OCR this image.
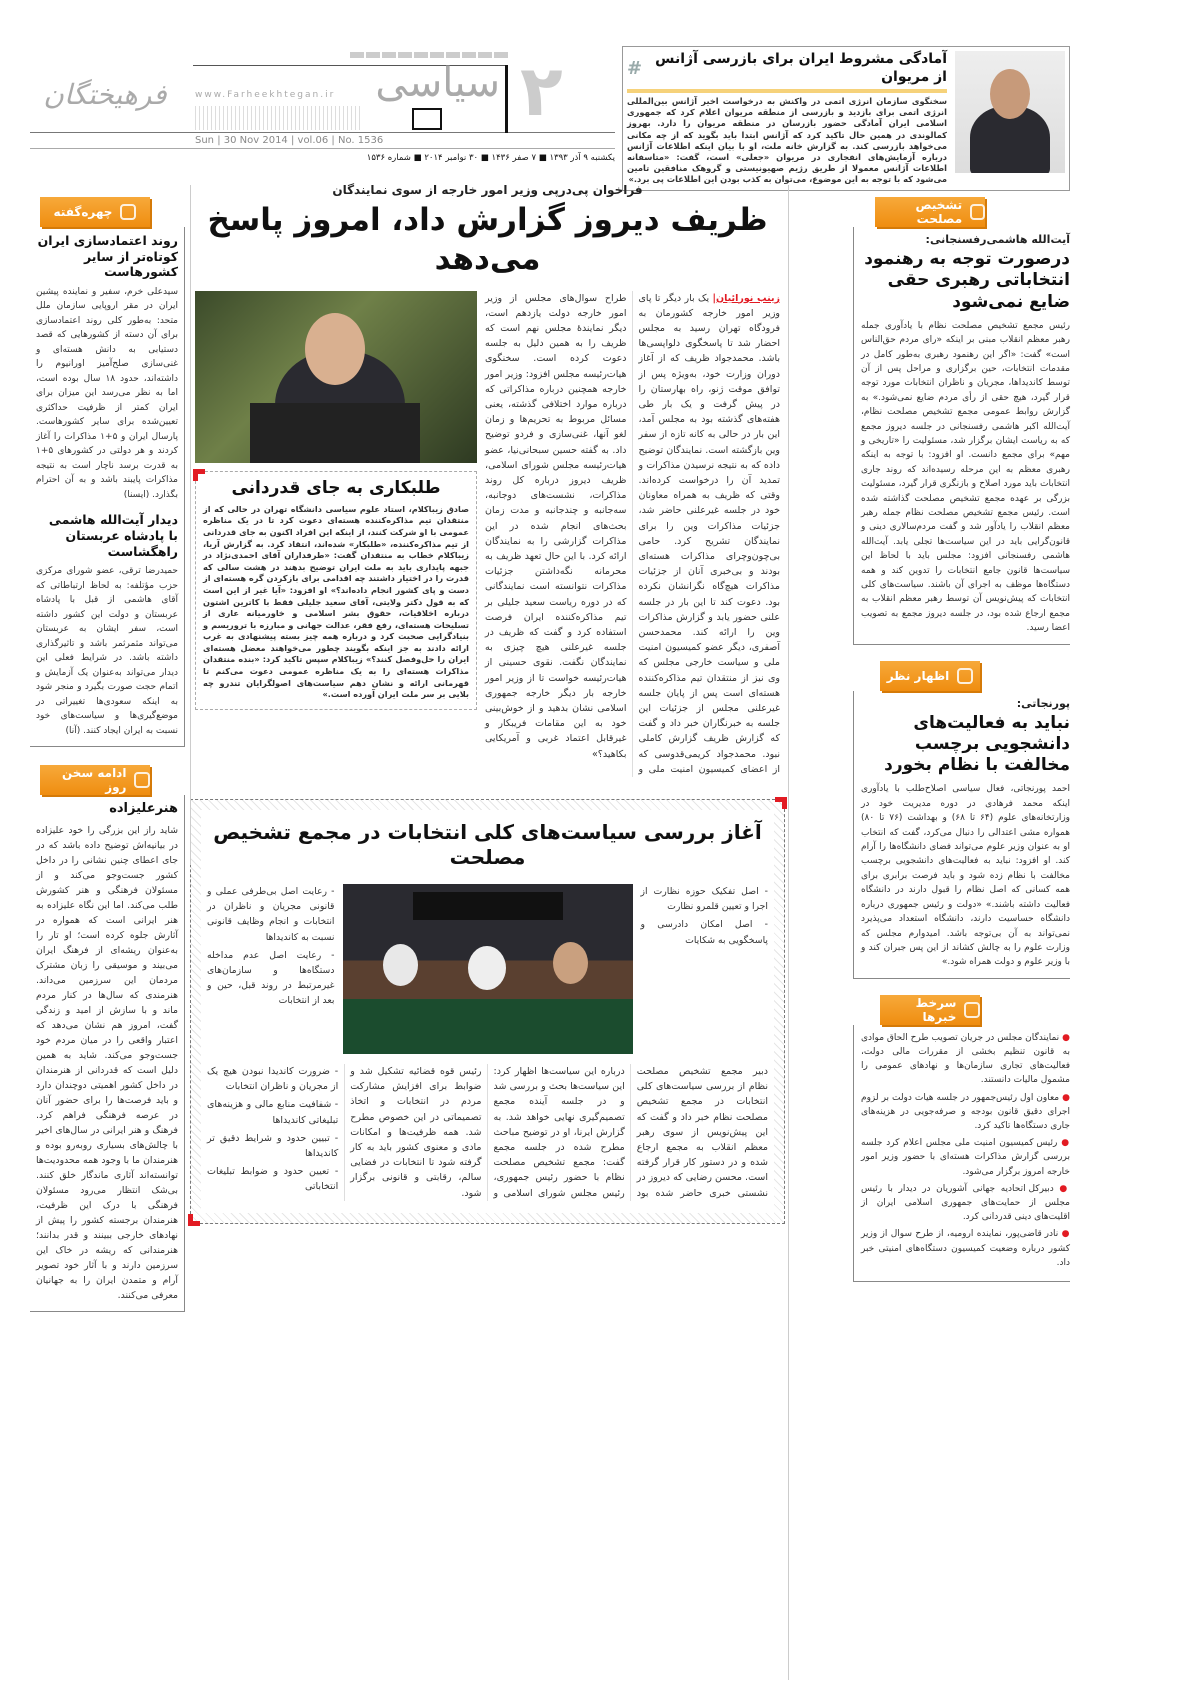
فرهیختگان	www.Farheekhtegan.ir
Sun | 30 Nov 2014 | vol.06 | No. 1536
سیاسی ۲
یکشنبه ۹ آذر ۱۳۹۳ ■ ۷ صفر ۱۴۳۶ ■ ۳۰ نوامبر ۲۰۱۴ ■ شماره ۱۵۳۶
آمادگی مشروط ایران برای بازرسی آژانس از مریوان
#
سخنگوی سازمان انرژی اتمی در واکنش به درخواست اخیر آژانس بین‌المللی انرژی اتمی برای بازدید و بازرسی از منطقه مریوان اعلام کرد که جمهوری اسلامی ایران آمادگی حضور بازرسان در منطقه مریوان را دارد. بهروز کمالوندی در همین حال تاکید کرد که آژانس ابتدا باید بگوید که از چه مکانی می‌خواهد بازرسی کند. به گزارش خانه ملت، او با بیان اینکه اطلاعات آژانس درباره آزمایش‌های انفجاری در مریوان «جعلی» است، گفت: «متاسفانه اطلاعات آژانس معمولا از طریق رژیم صهیونیستی و گروهک منافقین تامین می‌شود که با توجه به این موضوع، می‌توان به کذب بودن این اطلاعات پی برد.»
چهره‌گفته
روند اعتمادسازی ایران کوتاه‌تر از سایر کشورهاست
سیدعلی خرم، سفیر و نماینده پیشین ایران در مقر اروپایی سازمان ملل متحد: به‌طور کلی روند اعتمادسازی برای آن دسته از کشورهایی که قصد دستیابی به دانش هسته‌ای و غنی‌سازی صلح‌آمیز اورانیوم را داشته‌اند، حدود ۱۸ سال بوده است، اما به نظر می‌رسد این میزان برای ایران کمتر از ظرفیت حداکثری تعیین‌شده برای سایر کشورهاست. پارسال ایران و ۵+۱ مذاکرات را آغاز کردند و هر دولتی در کشورهای ۵+۱ به قدرت برسد ناچار است به نتیجه مذاکرات پایبند باشد و به آن احترام بگذارد. (ایسنا)
دیدار آیت‌الله هاشمی با پادشاه عربستان راهگشاست
حمیدرضا ترقی، عضو شورای مرکزی حزب مؤتلفه: به لحاظ ارتباطاتی که آقای هاشمی از قبل با پادشاه عربستان و دولت این کشور داشته است، سفر ایشان به عربستان می‌تواند مثمرثمر باشد و تاثیرگذاری داشته باشد. در شرایط فعلی این دیدار می‌تواند به‌عنوان یک آزمایش و اتمام حجت صورت بگیرد و منجر شود به اینکه سعودی‌ها تغییراتی در موضع‌گیری‌ها و سیاست‌های خود نسبت به ایران ایجاد کنند. (آنا)
ادامه سخن روز
هنرعلیزاده
شاید راز این بزرگی را خود علیزاده در بیانیه‌اش توضیح داده باشد که در جای اعطای چنین نشانی را در داخل کشور جست‌وجو می‌کند و از مسئولان فرهنگی و هنر کشورش طلب می‌کند. اما این نگاه علیزاده به هنر ایرانی است که همواره در آثارش جلوه کرده است؛ او تار را به‌عنوان ریشه‌ای از فرهنگ ایران می‌بیند و موسیقی را زبان مشترک مردمان این سرزمین می‌داند. هنرمندی که سال‌ها در کنار مردم ماند و با سازش از امید و زندگی گفت، امروز هم نشان می‌دهد که اعتبار واقعی را در میان مردم خود جست‌وجو می‌کند. شاید به همین دلیل است که قدردانی از هنرمندان در داخل کشور اهمیتی دوچندان دارد و باید فرصت‌ها را برای حضور آنان در عرصه فرهنگی فراهم کرد. فرهنگ و هنر ایرانی در سال‌های اخیر با چالش‌های بسیاری روبه‌رو بوده و هنرمندان ما با وجود همه محدودیت‌ها توانسته‌اند آثاری ماندگار خلق کنند. بی‌شک انتظار می‌رود مسئولان فرهنگی با درک این ظرفیت، هنرمندان برجسته کشور را پیش از نهادهای خارجی ببینند و قدر بدانند؛ هنرمندانی که ریشه در خاک این سرزمین دارند و با آثار خود تصویر آرام و متمدن ایران را به جهانیان معرفی می‌کنند.
فراخوان پی‌درپی وزیر امور خارجه از سوی نمایندگان
ظریف دیروز گزارش داد، امروز پاسخ می‌دهد
زینب نورائیان| یک بار دیگر تا پای وزیر امور خارجه کشورمان به فرودگاه تهران رسید به مجلس احضار شد تا پاسخگوی دلواپسی‌ها باشد. محمدجواد ظریف که از آغاز دوران وزارت خود، به‌ویژه پس از توافق موقت ژنو، راه بهارستان را در پیش گرفت و یک بار طی هفته‌های گذشته بود به مجلس آمد، این بار در حالی به کانه تازه از سفر وین بازگشته است. نمایندگان توضیح داده که به نتیجه نرسیدن مذاکرات و تمدید آن را درخواست کرده‌اند. وقتی که ظریف به همراه معاونان خود در جلسه غیرعلنی حاضر شد، جزئیات مذاکرات وین را برای نمایندگان تشریح کرد. حامی بی‌چون‌وچرای مذاکرات هسته‌ای بودند و بی‌خبری آنان از جزئیات مذاکرات هیچ‌گاه نگرانشان نکرده بود. دعوت کند تا این بار در جلسه علنی حضور یابد و گزارش مذاکرات وین را ارائه کند. محمدحسن آصفری، دیگر عضو کمیسیون امنیت ملی و سیاست خارجی مجلس که وی نیز از منتقدان تیم مذاکره‌کننده هسته‌ای است پس از پایان جلسه غیرعلنی مجلس از جزئیات این جلسه به خبرنگاران خبر داد و گفت که گزارش ظریف گزارش کاملی نبود. محمدجواد کریمی‌قدوسی که از اعضای کمیسیون امنیت ملی و طراح سوال‌های مجلس از وزیر امور خارجه دولت یازدهم است، دیگر نمایندهٔ مجلس نهم است که ظریف را به همین دلیل به جلسه دعوت کرده است. سخنگوی هیات‌رئیسه مجلس افزود: وزیر امور خارجه همچنین درباره مذاکراتی که درباره موارد اختلافی گذشته، یعنی مسائل مربوط به تحریم‌ها و زمان لغو آنها، غنی‌سازی و فردو توضیح داد. به گفته حسین سبحانی‌نیا، عضو هیات‌رئیسه مجلس شورای اسلامی، ظریف دیروز درباره کل روند مذاکرات، نشست‌های دوجانبه، سه‌جانبه و چندجانبه و مدت زمان بحث‌های انجام شده در این مذاکرات گزارشی را به نمایندگان ارائه کرد. با این حال تعهد ظریف به محرمانه نگه‌داشتن جزئیات مذاکرات نتوانسته است نمایندگانی که در دوره ریاست سعید جلیلی بر تیم مذاکره‌کننده ایران فرصت استفاده کرد و گفت که ظریف در جلسه غیرعلنی هیچ چیزی به نمایندگان نگفت. نقوی حسینی از هیات‌رئیسه خواست تا از وزیر امور خارجه بار دیگر خارجه جمهوری اسلامی نشان بدهید و از خوش‌بینی خود به این مقامات فریبکار و غیرقابل اعتماد غربی و آمریکایی بکاهید؟»
طلبکاری به جای قدردانی
صادق زیباکلام، استاد علوم سیاسی دانشگاه تهران در حالی که از منتقدان تیم مذاکره‌کننده هسته‌ای دعوت کرد تا در یک مناظره عمومی با او شرکت کنند، از اینکه این افراد اکنون به جای قدردانی از تیم مذاکره‌کننده، «طلبکار» شده‌اند، انتقاد کرد. به گزارش آریا، زیباکلام خطاب به منتقدان گفت: «طرفداران آقای احمدی‌نژاد در جبهه پایداری باید به ملت ایران توضیح بدهند در هشت سالی که قدرت را در اختیار داشتند چه اقدامی برای بازکردن گره هسته‌ای از دست و پای کشور انجام داده‌اند؟» او افزود: «آیا غیر از این است که به قول دکتر ولایتی، آقای سعید جلیلی فقط با کاترین اشتون درباره اخلاقیات، حقوق بشر اسلامی و خاورمیانه عاری از تسلیحات هسته‌ای، رفع فقر، عدالت جهانی و مبارزه با تروریسم و بنیادگرایی صحبت کرد و درباره همه چیز بسته پیشنهادی به غرب ارائه دادند به جز اینکه بگویند چطور می‌خواهند معضل هسته‌ای ایران را حل‌وفصل کنند؟» زیباکلام سپس تاکید کرد: «بنده منتقدان مذاکرات هسته‌ای را به یک مناظره عمومی دعوت می‌کنم تا قهرمانی ارائه و نشان دهم سیاست‌های اصولگرایان تندرو چه بلایی بر سر ملت ایران آورده است.»
آغاز بررسی سیاست‌های کلی انتخابات در مجمع تشخیص مصلحت

- اصل تفکیک حوزه نظارت از اجرا و تعیین قلمرو نظارت

- اصل امکان دادرسی و پاسخگویی به شکایات

- رعایت اصل بی‌طرفی عملی و قانونی مجریان و ناظران در انتخابات و انجام وظایف قانونی نسبت به کاندیداها

- رعایت اصل عدم مداخله دستگاه‌ها و سازمان‌های غیرمرتبط در روند قبل، حین و بعد از انتخابات

دبیر مجمع تشخیص مصلحت نظام از بررسی سیاست‌های کلی انتخابات در مجمع تشخیص مصلحت نظام خبر داد و گفت که این پیش‌نویس از سوی رهبر معظم انقلاب به مجمع ارجاع شده و در دستور کار قرار گرفته است. محسن رضایی که دیروز در نشستی خبری حاضر شده بود درباره این سیاست‌ها اظهار کرد: این سیاست‌ها بحث و بررسی شد و در جلسه آینده مجمع تصمیم‌گیری نهایی خواهد شد. به گزارش ایرنا، او در توضیح مباحث مطرح شده در جلسه مجمع گفت: مجمع تشخیص مصلحت نظام با حضور رئیس جمهوری، رئیس مجلس شورای اسلامی و رئیس قوه قضائیه تشکیل شد و ضوابط برای افزایش مشارکت مردم در انتخابات و اتخاذ تصمیماتی در این خصوص مطرح شد. همه ظرفیت‌ها و امکانات مادی و معنوی کشور باید به کار گرفته شود تا انتخابات در فضایی سالم، رقابتی و قانونی برگزار شود.

- ضرورت کاندیدا نبودن هیچ یک از مجریان و ناظران انتخابات

- شفافیت منابع مالی و هزینه‌های تبلیغاتی کاندیداها

- تبیین حدود و شرایط دقیق تر کاندیداها

- تعیین حدود و ضوابط تبلیغات انتخاباتی

تشخیص مصلحت
آیت‌الله هاشمی‌رفسنجانی:
درصورت توجه به رهنمود انتخاباتی رهبری حقی ضایع نمی‌شود
رئیس مجمع تشخیص مصلحت نظام با یادآوری جمله رهبر معظم انقلاب مبنی بر اینکه «رای مردم حق‌الناس است» گفت: «اگر این رهنمود رهبری به‌طور کامل در مقدمات انتخابات، حین برگزاری و مراحل پس از آن توسط کاندیداها، مجریان و ناظران انتخابات مورد توجه قرار گیرد، هیچ حقی از رأی مردم ضایع نمی‌شود.» به گزارش روابط عمومی مجمع تشخیص مصلحت نظام، آیت‌الله اکبر هاشمی رفسنجانی در جلسه دیروز مجمع که به ریاست ایشان برگزار شد، مسئولیت را «تاریخی و مهم» برای مجمع دانست. او افزود: با توجه به اینکه رهبری معظم به این مرحله رسیده‌اند که روند جاری انتخابات باید مورد اصلاح و بازنگری قرار گیرد، مسئولیت بزرگی بر عهده مجمع تشخیص مصلحت گذاشته شده است. رئیس مجمع تشخیص مصلحت نظام جمله رهبر معظم انقلاب را یادآور شد و گفت مردم‌سالاری دینی و قانون‌گرایی باید در این سیاست‌ها تجلی یابد. آیت‌الله هاشمی رفسنجانی افزود: مجلس باید با لحاظ این سیاست‌ها قانون جامع انتخابات را تدوین کند و همه دستگاه‌ها موظف به اجرای آن باشند. سیاست‌های کلی انتخابات که پیش‌نویس آن توسط رهبر معظم انقلاب به مجمع ارجاع شده بود، در جلسه دیروز مجمع به تصویب اعضا رسید.
اظهار نظر
پورنجاتی:
نباید به فعالیت‌های دانشجویی برچسب مخالفت با نظام بخورد
احمد پورنجاتی، فعال سیاسی اصلاح‌طلب با یادآوری اینکه محمد فرهادی در دوره مدیریت خود در وزارتخانه‌های علوم (۶۴ تا ۶۸) و بهداشت (۷۶ تا ۸۰) همواره مشی اعتدالی را دنبال می‌کرد، گفت که انتخاب او به عنوان وزیر علوم می‌تواند فضای دانشگاه‌ها را آرام کند. او افزود: نباید به فعالیت‌های دانشجویی برچسب مخالفت با نظام زده شود و باید فرصت برابری برای همه کسانی که اصل نظام را قبول دارند در دانشگاه فعالیت داشته باشند.» «دولت و رئیس جمهوری درباره دانشگاه حساسیت دارند، دانشگاه استعداد می‌پذیرد نمی‌تواند به آن بی‌توجه باشد. امیدوارم مجلس که وزارت علوم را به چالش کشاند از این پس جبران کند و با وزیر علوم و دولت همراه شود.»
سرخط خبرها

● نمایندگان مجلس در جریان تصویب طرح الحاق موادی به قانون تنظیم بخشی از مقررات مالی دولت، فعالیت‌های تجاری سازمان‌ها و نهادهای عمومی را مشمول مالیات دانستند.

● معاون اول رئیس‌جمهور در جلسه هیات دولت بر لزوم اجرای دقیق قانون بودجه و صرفه‌جویی در هزینه‌های جاری دستگاه‌ها تاکید کرد.

● رئیس کمیسیون امنیت ملی مجلس اعلام کرد جلسه بررسی گزارش مذاکرات هسته‌ای با حضور وزیر امور خارجه امروز برگزار می‌شود.

● دبیرکل اتحادیه جهانی آشوریان در دیدار با رئیس مجلس از حمایت‌های جمهوری اسلامی ایران از اقلیت‌های دینی قدردانی کرد.

● نادر قاضی‌پور، نماینده ارومیه، از طرح سوال از وزیر کشور درباره وضعیت کمیسیون دستگاه‌های امنیتی خبر داد.
